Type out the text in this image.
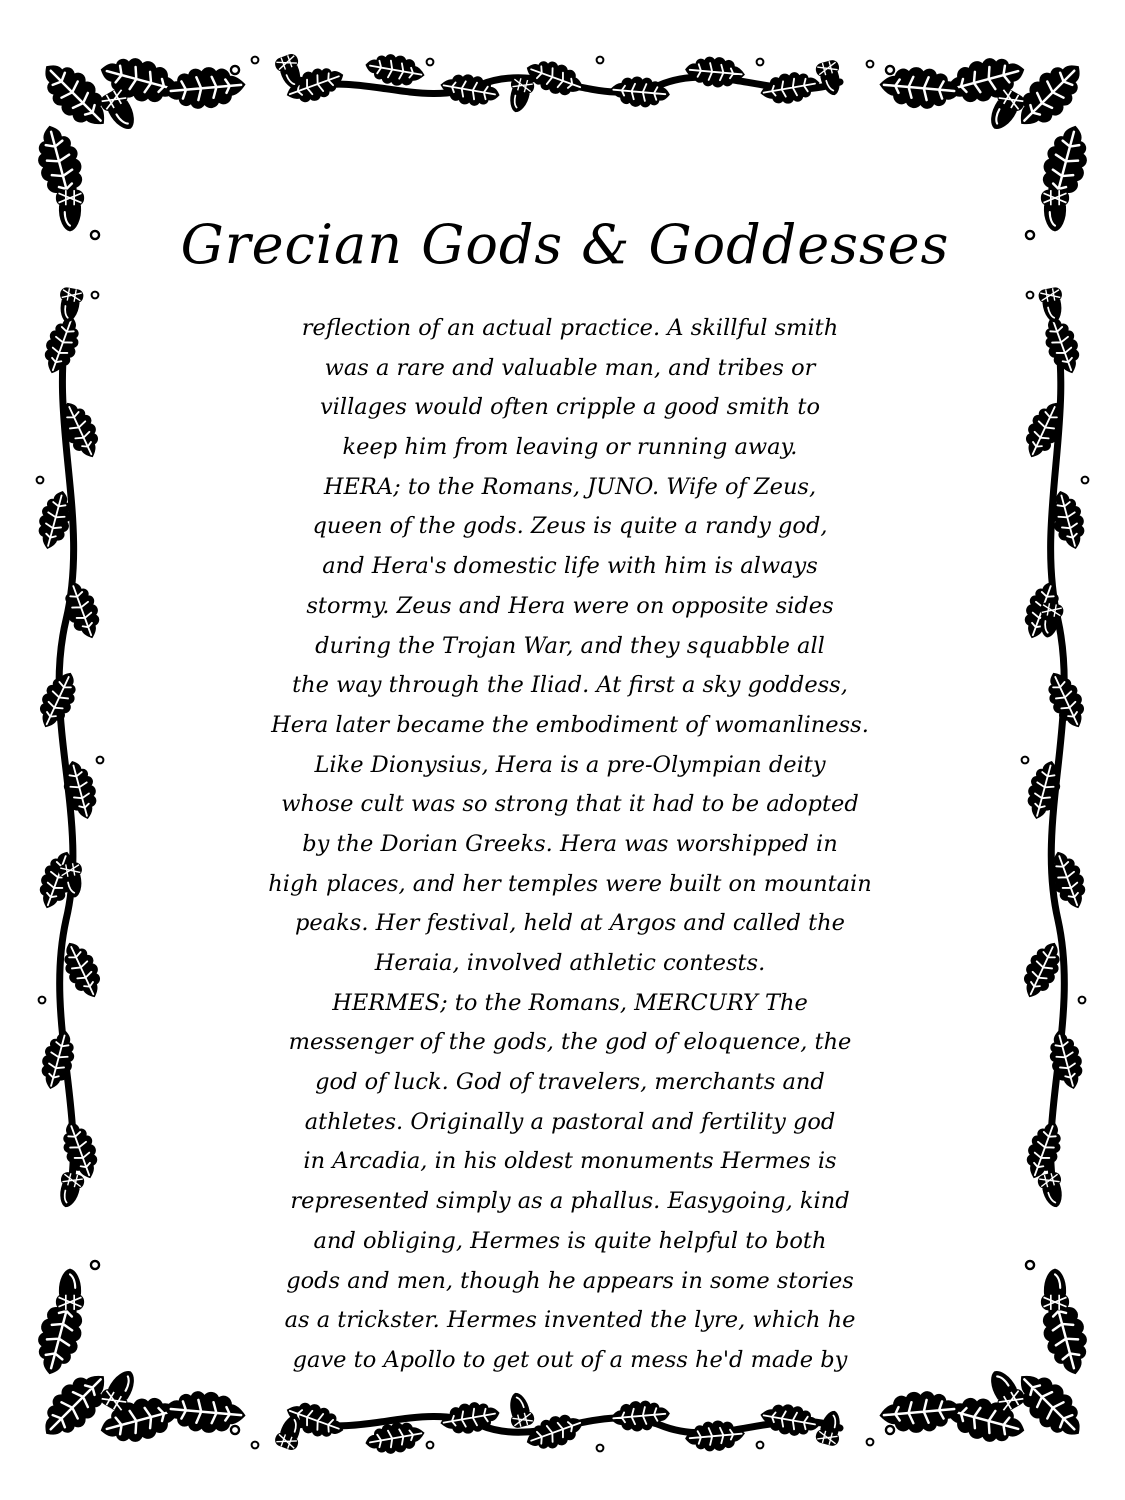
Grecian Gods & Goddesses
reflection of an actual practice. A skillful smith
was a rare and valuable man, and tribes or
villages would often cripple a good smith to
keep him from leaving or running away.
HERA; to the Romans, JUNO. Wife of Zeus,
queen of the gods. Zeus is quite a randy god,
and Hera's domestic life with him is always
stormy. Zeus and Hera were on opposite sides
during the Trojan War, and they squabble all
the way through the Iliad. At first a sky goddess,
Hera later became the embodiment of womanliness.
Like Dionysius, Hera is a pre-Olympian deity
whose cult was so strong that it had to be adopted
by the Dorian Greeks. Hera was worshipped in
high places, and her temples were built on mountain
peaks. Her festival, held at Argos and called the
Heraia, involved athletic contests.
HERMES; to the Romans, MERCURY The
messenger of the gods, the god of eloquence, the
god of luck. God of travelers, merchants and
athletes. Originally a pastoral and fertility god
in Arcadia, in his oldest monuments Hermes is
represented simply as a phallus. Easygoing, kind
and obliging, Hermes is quite helpful to both
gods and men, though he appears in some stories
as a trickster. Hermes invented the lyre, which he
gave to Apollo to get out of a mess he'd made by
